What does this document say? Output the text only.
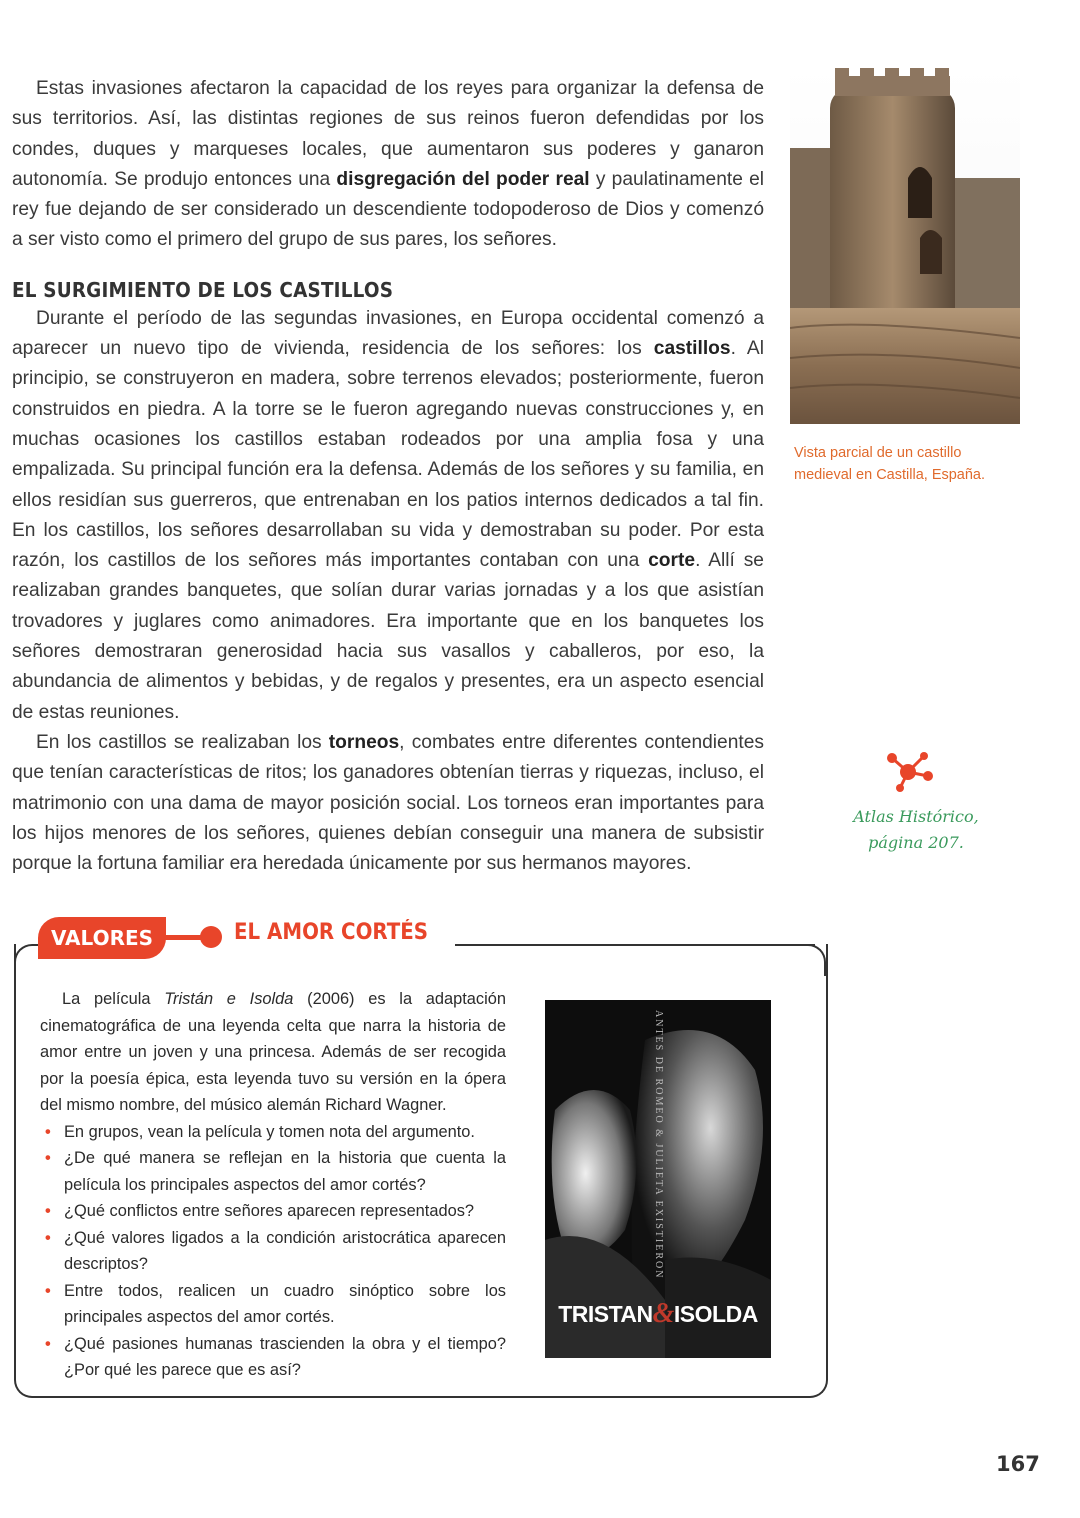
Estas invasiones afectaron la capacidad de los reyes para organizar la defensa de sus territorios. Así, las distintas regiones de sus reinos fueron defendidas por los condes, duques y marqueses locales, que aumentaron sus poderes y ganaron autonomía. Se produjo entonces una disgregación del poder real y paulatinamente el rey fue dejando de ser considerado un descendiente todopoderoso de Dios y comenzó a ser visto como el primero del grupo de sus pares, los señores.

EL SURGIMIENTO DE LOS CASTILLOS

Durante el período de las segundas invasiones, en Europa occidental comenzó a aparecer un nuevo tipo de vivienda, residencia de los señores: los castillos. Al principio, se construyeron en madera, sobre terrenos elevados; posteriormente, fueron construidos en piedra. A la torre se le fueron agregando nuevas construcciones y, en muchas ocasiones los castillos estaban rodeados por una amplia fosa y una empalizada. Su principal función era la defensa. Además de los señores y su familia, en ellos residían sus guerreros, que entrenaban en los patios internos dedicados a tal fin. En los castillos, los señores desarrollaban su vida y demostraban su poder. Por esta razón, los castillos de los señores más importantes contaban con una corte. Allí se realizaban grandes banquetes, que solían durar varias jornadas y a los que asistían trovadores y juglares como animadores. Era importante que en los banquetes los señores demostraran generosidad hacia sus vasallos y caballeros, por eso, la abundancia de alimentos y bebidas, y de regalos y presentes, era un aspecto esencial de estas reuniones.

En los castillos se realizaban los torneos, combates entre diferentes contendientes que tenían características de ritos; los ganadores obtenían tierras y riquezas, incluso, el matrimonio con una dama de mayor posición social. Los torneos eran importantes para los hijos menores de los señores, quienes debían conseguir una manera de subsistir porque la fortuna familiar era heredada únicamente por sus hermanos mayores.

Vista parcial de un castillo medieval en Castilla, España.
Atlas Histórico,
página 207.
VALORES	EL AMOR CORTÉS

La película Tristán e Isolda (2006) es la adaptación cinematográfica de una leyenda celta que narra la historia de amor entre un joven y una princesa. Además de ser recogida por la poesía épica, esta leyenda tuvo su versión en la ópera del mismo nombre, del músico alemán Richard Wagner.

• En grupos, vean la película y tomen nota del argumento.
• ¿De qué manera se reflejan en la historia que cuenta la película los principales aspectos del amor cortés?
• ¿Qué conflictos entre señores aparecen representados?
• ¿Qué valores ligados a la condición aristocrática aparecen descriptos?
• Entre todos, realicen un cuadro sinóptico sobre los principales aspectos del amor cortés.
• ¿Qué pasiones humanas trascienden la obra y el tiempo? ¿Por qué les parece que es así?
ANTES DE ROMEO & JULIETA EXISTIERON
TRISTAN&ISOLDA
167
